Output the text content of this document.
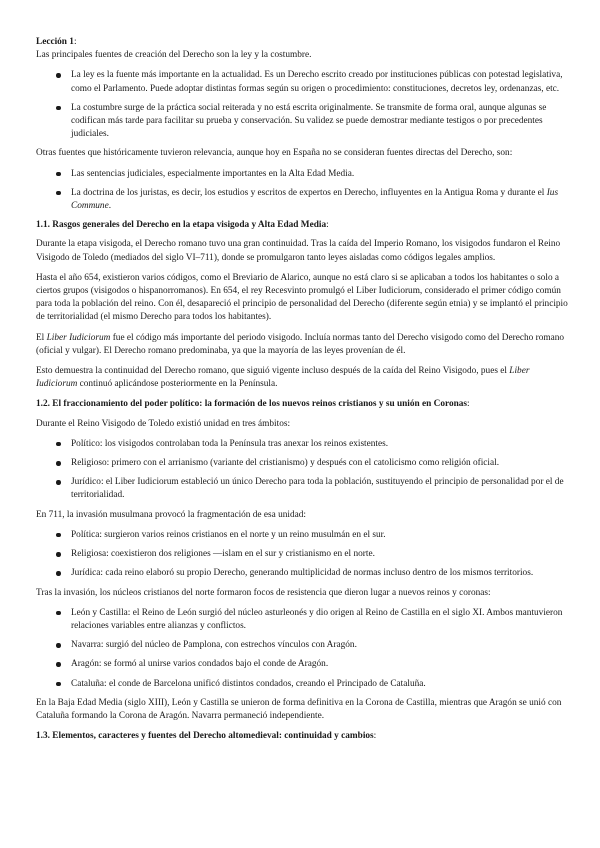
Lección 1:

Las principales fuentes de creación del Derecho son la ley y la costumbre.

La ley es la fuente más importante en la actualidad. Es un Derecho escrito creado por instituciones públicas con potestad legislativa, como el Parlamento. Puede adoptar distintas formas según su origen o procedimiento: constituciones, decretos ley, ordenanzas, etc.
La costumbre surge de la práctica social reiterada y no está escrita originalmente. Se transmite de forma oral, aunque algunas se codifican más tarde para facilitar su prueba y conservación. Su validez se puede demostrar mediante testigos o por precedentes judiciales.

Otras fuentes que históricamente tuvieron relevancia, aunque hoy en España no se consideran fuentes directas del Derecho, son:

Las sentencias judiciales, especialmente importantes en la Alta Edad Media.
La doctrina de los juristas, es decir, los estudios y escritos de expertos en Derecho, influyentes en la Antigua Roma y durante el Ius Commune.

1.1. Rasgos generales del Derecho en la etapa visigoda y Alta Edad Media:

Durante la etapa visigoda, el Derecho romano tuvo una gran continuidad. Tras la caída del Imperio Romano, los visigodos fundaron el Reino Visigodo de Toledo (mediados del siglo VI–711), donde se promulgaron tanto leyes aisladas como códigos legales amplios.

Hasta el año 654, existieron varios códigos, como el Breviario de Alarico, aunque no está claro si se aplicaban a todos los habitantes o solo a ciertos grupos (visigodos o hispanorromanos). En 654, el rey Recesvinto promulgó el Liber Iudiciorum, considerado el primer código común para toda la población del reino. Con él, desapareció el principio de personalidad del Derecho (diferente según etnia) y se implantó el principio de territorialidad (el mismo Derecho para todos los habitantes).

El Liber Iudiciorum fue el código más importante del periodo visigodo. Incluía normas tanto del Derecho visigodo como del Derecho romano (oficial y vulgar). El Derecho romano predominaba, ya que la mayoría de las leyes provenían de él.

Esto demuestra la continuidad del Derecho romano, que siguió vigente incluso después de la caída del Reino Visigodo, pues el Liber Iudiciorum continuó aplicándose posteriormente en la Península.

1.2. El fraccionamiento del poder político: la formación de los nuevos reinos cristianos y su unión en Coronas:

Durante el Reino Visigodo de Toledo existió unidad en tres ámbitos:

Político: los visigodos controlaban toda la Península tras anexar los reinos existentes.
Religioso: primero con el arrianismo (variante del cristianismo) y después con el catolicismo como religión oficial.
Jurídico: el Liber Iudiciorum estableció un único Derecho para toda la población, sustituyendo el principio de personalidad por el de territorialidad.

En 711, la invasión musulmana provocó la fragmentación de esa unidad:

Política: surgieron varios reinos cristianos en el norte y un reino musulmán en el sur.
Religiosa: coexistieron dos religiones —islam en el sur y cristianismo en el norte.
Jurídica: cada reino elaboró su propio Derecho, generando multiplicidad de normas incluso dentro de los mismos territorios.

Tras la invasión, los núcleos cristianos del norte formaron focos de resistencia que dieron lugar a nuevos reinos y coronas:

León y Castilla: el Reino de León surgió del núcleo asturleonés y dio origen al Reino de Castilla en el siglo XI. Ambos mantuvieron relaciones variables entre alianzas y conflictos.
Navarra: surgió del núcleo de Pamplona, con estrechos vínculos con Aragón.
Aragón: se formó al unirse varios condados bajo el conde de Aragón.
Cataluña: el conde de Barcelona unificó distintos condados, creando el Principado de Cataluña.

En la Baja Edad Media (siglo XIII), León y Castilla se unieron de forma definitiva en la Corona de Castilla, mientras que Aragón se unió con Cataluña formando la Corona de Aragón. Navarra permaneció independiente.

1.3. Elementos, caracteres y fuentes del Derecho altomedieval: continuidad y cambios:
